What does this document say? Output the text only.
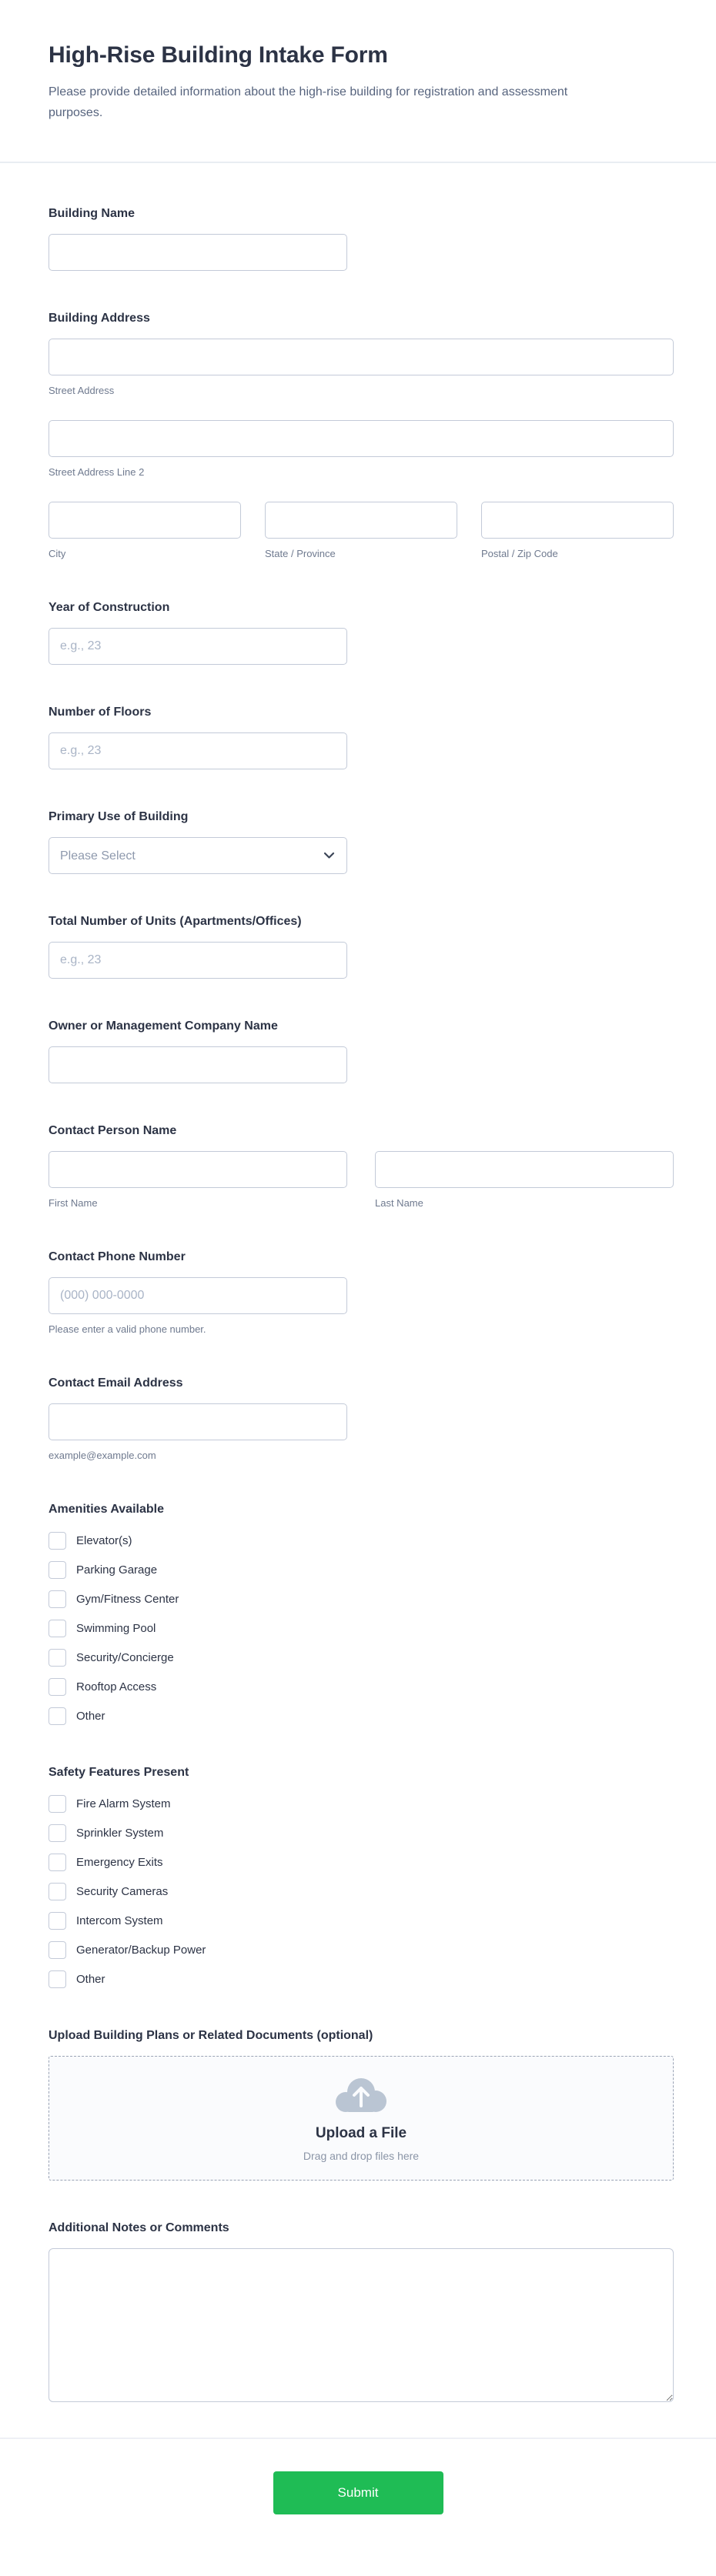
High-Rise Building Intake Form
Please provide detailed information about the high-rise building for registration and assessment purposes.
Building Name
Building Address
Street Address
Street Address Line 2
City	State / Province	Postal / Zip Code
Year of Construction
e.g., 23
Number of Floors
e.g., 23
Primary Use of Building
Please Select
Total Number of Units (Apartments/Offices)
e.g., 23
Owner or Management Company Name
Contact Person Name
First Name	Last Name
Contact Phone Number
(000) 000-0000
Please enter a valid phone number.
Contact Email Address
example@example.com
Amenities Available
Elevator(s)
Parking Garage
Gym/Fitness Center
Swimming Pool
Security/Concierge
Rooftop Access
Other
Safety Features Present
Fire Alarm System
Sprinkler System
Emergency Exits
Security Cameras
Intercom System
Generator/Backup Power
Other
Upload Building Plans or Related Documents (optional)
Upload a File
Drag and drop files here
Additional Notes or Comments
Submit
